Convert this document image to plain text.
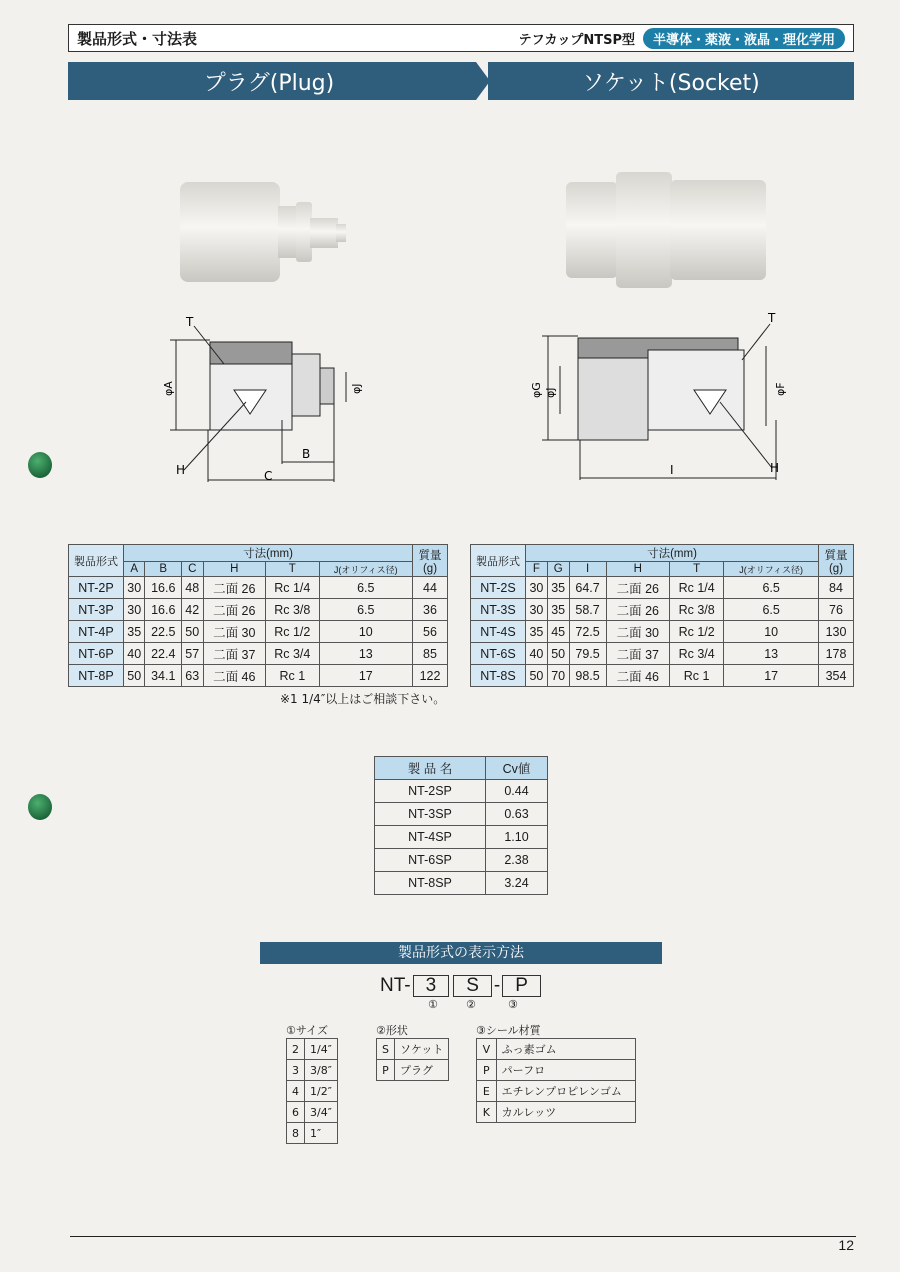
製品形式・寸法表	テフカップNTSP型	半導体・薬液・液晶・理化学用
プラグ(Plug)	ソケット(Socket)
T
φA	φJ
B
H	C
T
φG φJ	φF
I	H
製品形式	寸法(mm)						質量(g)
	A	B	C	H	T	J(オリフィス径)	
NT-2P	30	16.6	48	二面 26	Rc 1/4	6.5	44
NT-3P	30	16.6	42	二面 26	Rc 3/8	6.5	36
NT-4P	35	22.5	50	二面 30	Rc 1/2	10	56
NT-6P	40	22.4	57	二面 37	Rc 3/4	13	85
NT-8P	50	34.1	63	二面 46	Rc 1	17	122
製品形式	寸法(mm)						質量(g)
	F	G	I	H	T	J(オリフィス径)	
NT-2S	30	35	64.7	二面 26	Rc 1/4	6.5	84
NT-3S	30	35	58.7	二面 26	Rc 3/8	6.5	76
NT-4S	35	45	72.5	二面 30	Rc 1/2	10	130
NT-6S	40	50	79.5	二面 37	Rc 3/4	13	178
NT-8S	50	70	98.5	二面 46	Rc 1	17	354
※1 1/4″以上はご相談下さい。
製 品 名	Cv値
NT-2SP	0.44
NT-3SP	0.63
NT-4SP	1.10
NT-6SP	2.38
NT-8SP	3.24
製品形式の表示方法
NT- 3	S - P
①	②	③
①サイズ
2	1/4″
3	3/8″
4	1/2″
6	3/4″
8	1″
②形状
S	ソケット
P	プラグ
③シール材質
V	ふっ素ゴム
P	パーフロ
E	エチレンプロピレンゴム
K	カルレッツ
12
